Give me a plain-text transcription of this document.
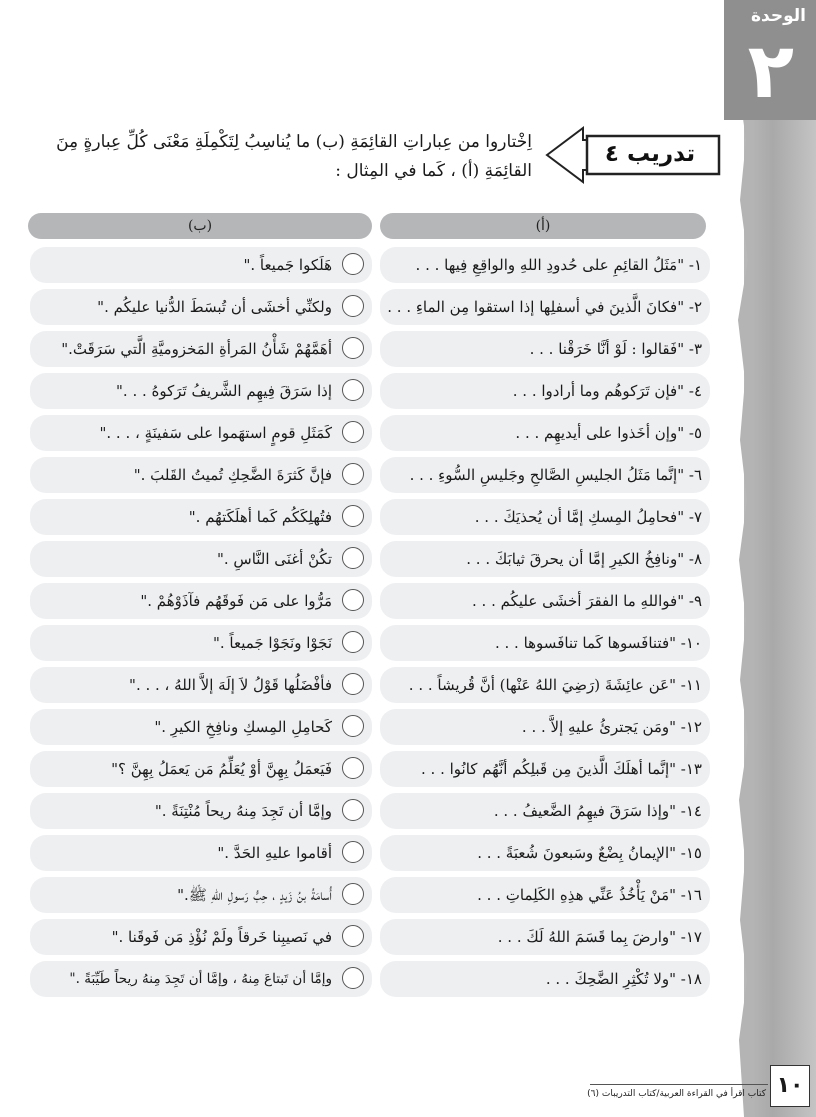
الوحدة
٢
تدريب ٤
اِخْتاروا من عِباراتِ القائِمَةِ (ب) ما يُناسِبُ لِتَكْمِلَةِ مَعْنَى كُلِّ عِبارةٍ مِنَ القائِمَةِ (أ) ، كَما في المِثال :
(أ)
(ب)
١- "مَثَلُ القائِمِ على حُدودِ اللهِ والواقِعِ فِيها . . .
٢- "فكانَ الَّذينَ في أسفلِها إذا استقوا مِن الماءِ . . .
٣- "فَقالوا : لَوْ أنَّا خَرَقْنا . . .
٤- "فإن تَرَكوهُم وما أرادوا . . .
٥- "وإن أخَذوا على أيديهِم . . .
٦- "إنَّما مَثَلُ الجليسِ الصَّالحِ وجَليسِ السُّوءِ . . .
٧- "فحامِلُ المِسكِ إمَّا أن يُحذيَكَ . . .
٨- "ونافِخُ الكيرِ إمَّا أن يحرقَ ثيابَكَ . . .
٩- "فواللهِ ما الفقرَ أخشَى عليكُم . . .
١٠- "فتنافَسوها كَما تنافَسوها . . .
١١- "عَن عائِشَةَ (رَضِيَ اللهُ عَنْها) أنَّ قُريشاً . . .
١٢- "ومَن يَجترئُ عليهِ إلاَّ . . .
١٣- "إنَّما أهلَكَ الَّذينَ مِن قَبلِكُم أنَّهُم كانُوا . . .
١٤- "وإذا سَرَقَ فيهِمُ الضَّعيفُ . . .
١٥- "الإيمانُ بِضْعٌ وسَبعونَ شُعبَةً . . .
١٦- "مَنْ يَأْخُذُ عَنِّي هذِهِ الكَلِماتِ . . .
١٧- "وارضَ بِما قَسَمَ اللهُ لَكَ . . .
١٨- "ولا تُكْثِرِ الضَّحِكَ . . .
هَلَكوا جَميعاً ."
ولكنِّي أخشَى أن تُبسَطَ الدُّنيا عليكُم ."
أهَمَّهُمْ شَأْنُ المَرأةِ المَخزوميَّةِ الَّتي سَرَقَتْ."
إذا سَرَقَ فِيهِم الشَّريفُ تَرَكوهُ . . ."
كَمَثَلِ قومٍ استهَموا على سَفينَةٍ ، . . ."
فإنَّ كَثرَةَ الضَّحِكِ تُميتُ القَلبَ ."
فتُهلِكَكُم كَما أهلَكَتهُم ."
تكُنْ أغنَى النَّاسِ ."
مَرُّوا على مَن فَوقَهُم فآذَوْهُمْ ."
نَجَوْا ونَجَوْا جَميعاً ."
فأفْضَلُها قَوْلُ لاَ إلَهَ إلاَّ اللهُ ، . . ."
كَحامِلِ المِسكِ ونافِخِ الكيرِ ."
فَيَعمَلُ بِهِنَّ أوْ يُعَلِّمُ مَن يَعمَلُ بِهِنَّ ؟"
وإمَّا أن تَجِدَ مِنهُ ريحاً مُنْتِنَةً ."
أقاموا عليهِ الحَدَّ ."
أُسامَةُ بنُ زَيدٍ ، حِبُّ رَسولِ اللهِ ﷺ."
في نَصيبِنا خَرقاً ولَمْ نُؤْذِ مَن فَوقَنا ."
وإمَّا أن تَبتاعَ مِنهُ ، وإمَّا أن تَجِدَ مِنهُ ريحاً طَيِّبَةً ."
١٠
كتاب اقرأ في القراءة العربية/كتاب التدريبات (٦)
